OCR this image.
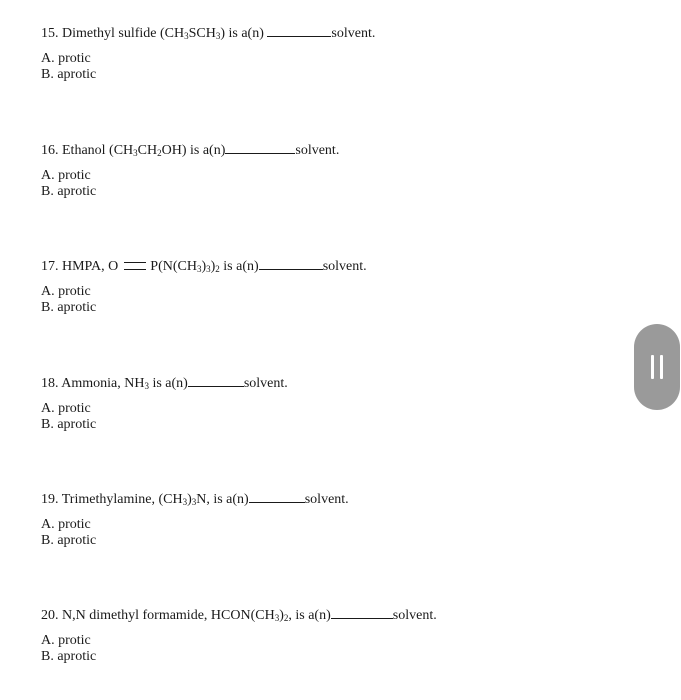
15. Dimethyl sulfide $(CH_3SCH_3)$ is a(n)	solvent.
A. protic
B. aprotic
16. Ethanol $(CH_3CH_2OH)$ is a(n)	solvent.
A. protic
B. aprotic
17. HMPA, O $P(N(CH_3)_3)_2$ is a(n)	solvent.
A. protic
B. aprotic
18. Ammonia, $NH_3$ is a(n)	solvent.
A. protic
B. aprotic
19. Trimethylamine, $(CH_3)_3N$, is a(n)	solvent.
A. protic
B. aprotic
20. N,N dimethyl formamide, $HCON(CH_3)_2$, is a(n)	solvent.
A. protic
B. aprotic
